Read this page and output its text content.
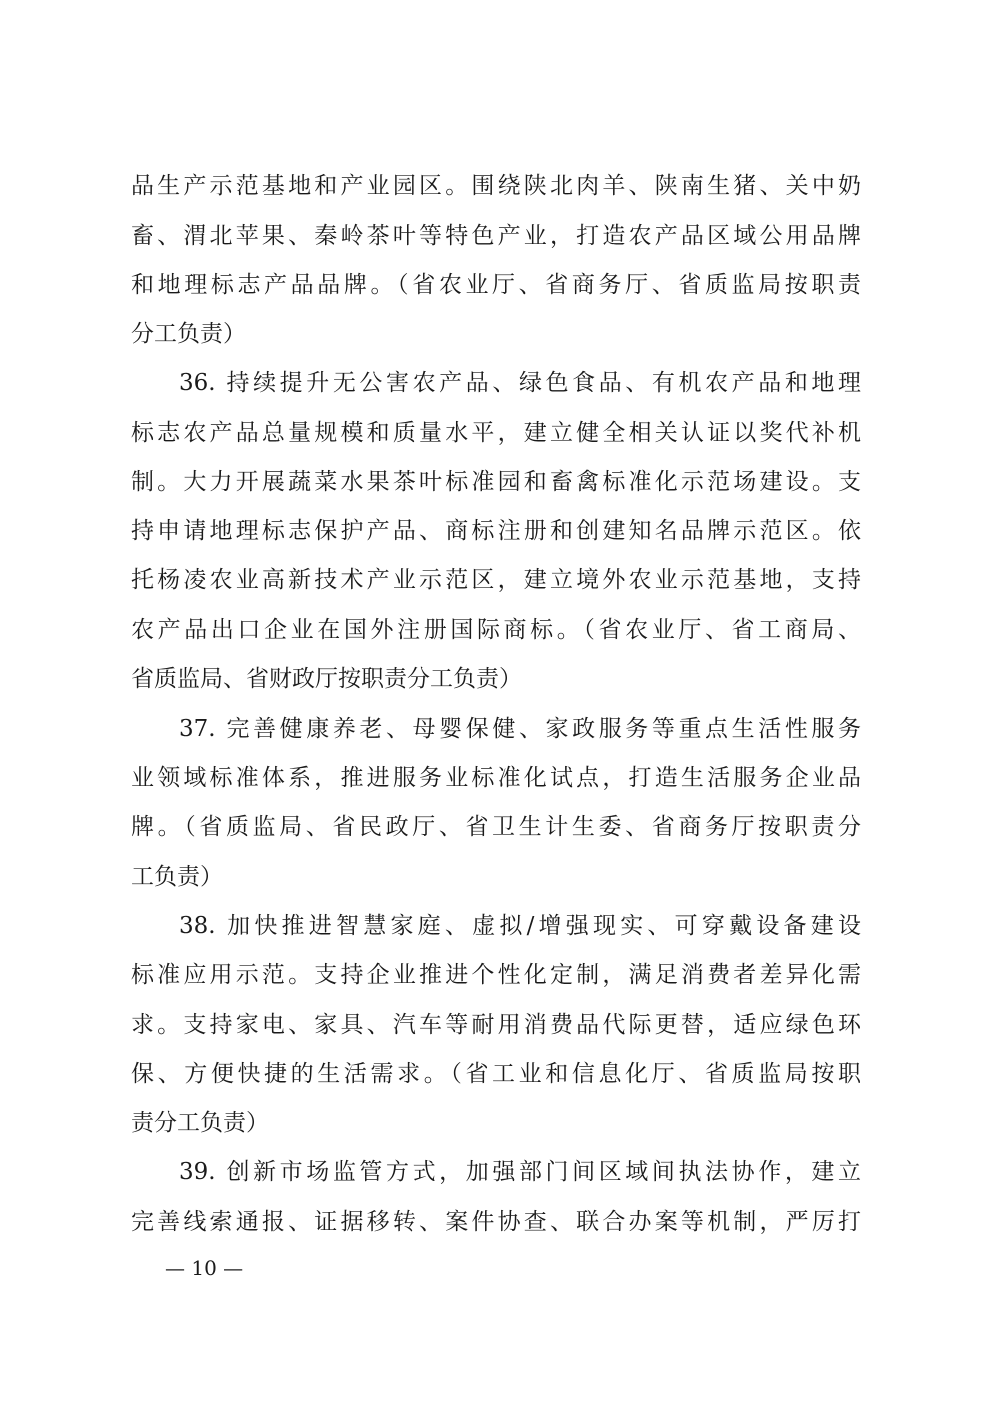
品生产示范基地和产业园区。围绕陕北肉羊、陕南生猪、关中奶
畜、渭北苹果、秦岭茶叶等特色产业，打造农产品区域公用品牌
和地理标志产品品牌。（省农业厅、省商务厅、省质监局按职责
分工负责）
36. 持续提升无公害农产品、绿色食品、有机农产品和地理
标志农产品总量规模和质量水平，建立健全相关认证以奖代补机
制。大力开展蔬菜水果茶叶标准园和畜禽标准化示范场建设。支
持申请地理标志保护产品、商标注册和创建知名品牌示范区。依
托杨凌农业高新技术产业示范区，建立境外农业示范基地，支持
农产品出口企业在国外注册国际商标。（省农业厅、省工商局、
省质监局、省财政厅按职责分工负责）
37. 完善健康养老、母婴保健、家政服务等重点生活性服务
业领域标准体系，推进服务业标准化试点，打造生活服务企业品
牌。（省质监局、省民政厅、省卫生计生委、省商务厅按职责分
工负责）
38. 加快推进智慧家庭、虚拟/增强现实、可穿戴设备建设
标准应用示范。支持企业推进个性化定制，满足消费者差异化需
求。支持家电、家具、汽车等耐用消费品代际更替，适应绿色环
保、方便快捷的生活需求。（省工业和信息化厅、省质监局按职
责分工负责）
39. 创新市场监管方式，加强部门间区域间执法协作，建立
完善线索通报、证据移转、案件协查、联合办案等机制，严厉打
— 10 —
